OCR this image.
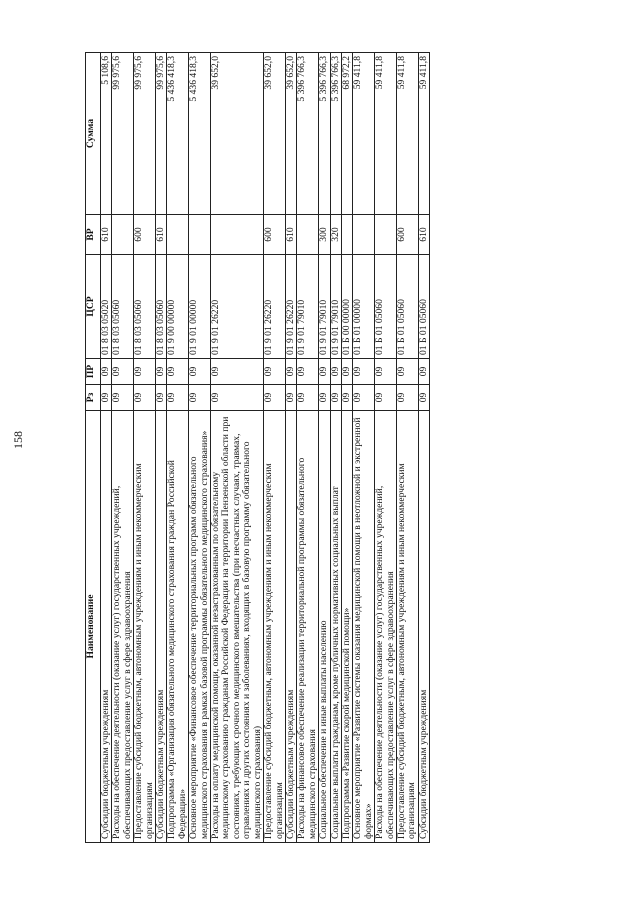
158
Наименование	Рз	ПР	ЦСР	ВР	Сумма
Субсидии бюджетным учреждениям	09	09	01 8 03 05020	610	5 108,6
Расходы на обеспечение деятельности (оказание услуг) государственных учреждений, обеспечивающих предоставление услуг в сфере здравоохранения	09	09	01 8 03 05060		99 975,6
Предоставление субсидий бюджетным, автономным учреждениям и иным некоммерческим организациям	09	09	01 8 03 05060	600	99 975,6
Субсидии бюджетным учреждениям	09	09	01 8 03 05060	610	99 975,6
Подпрограмма «Организация обязательного медицинского страхования граждан Российской Федерации»	09	09	01 9 00 00000		5 436 418,3
Основное мероприятие «Финансовое обеспечение территориальных программ обязательного медицинского страхования в рамках базовой программы обязательного медицинского страхования»	09	09	01 9 01 00000		5 436 418,3
Расходы на оплату медицинской помощи, оказанной незастрахованным по обязательному медицинскому страхованию гражданам Российской Федерации на территории Пензенской области при состояниях, требующих срочного медицинского вмешательства (при несчастных случаях, травмах, отравлениях и других состояниях и заболеваниях, входящих в базовую программу обязательного медицинского страхования)	09	09	01 9 01 26220		39 652,0
Предоставление субсидий бюджетным, автономным учреждениям и иным некоммерческим организациям	09	09	01 9 01 26220	600	39 652,0
Субсидии бюджетным учреждениям	09	09	01 9 01 26220	610	39 652,0
Расходы на финансовое обеспечение реализации территориальной программы обязательного медицинского страхования	09	09	01 9 01 79010		5 396 766,3
Социальное обеспечение и иные выплаты населению	09	09	01 9 01 79010	300	5 396 766,3
Социальные выплаты гражданам, кроме публичных нормативных социальных выплат	09	09	01 9 01 79010	320	5 396 766,3
Подпрограмма «Развитие скорой медицинской помощи»	09	09	01 Б 00 00000		68 972,2
Основное мероприятие «Развитие системы оказания медицинской помощи в неотложной и экстренной формах»	09	09	01 Б 01 00000		59 411,8
Расходы на обеспечение деятельности (оказание услуг) государственных учреждений, обеспечивающих предоставление услуг в сфере здравоохранения	09	09	01 Б 01 05060		59 411,8
Предоставление субсидий бюджетным, автономным учреждениям и иным некоммерческим организациям	09	09	01 Б 01 05060	600	59 411,8
Субсидии бюджетным учреждениям	09	09	01 Б 01 05060	610	59 411,8
